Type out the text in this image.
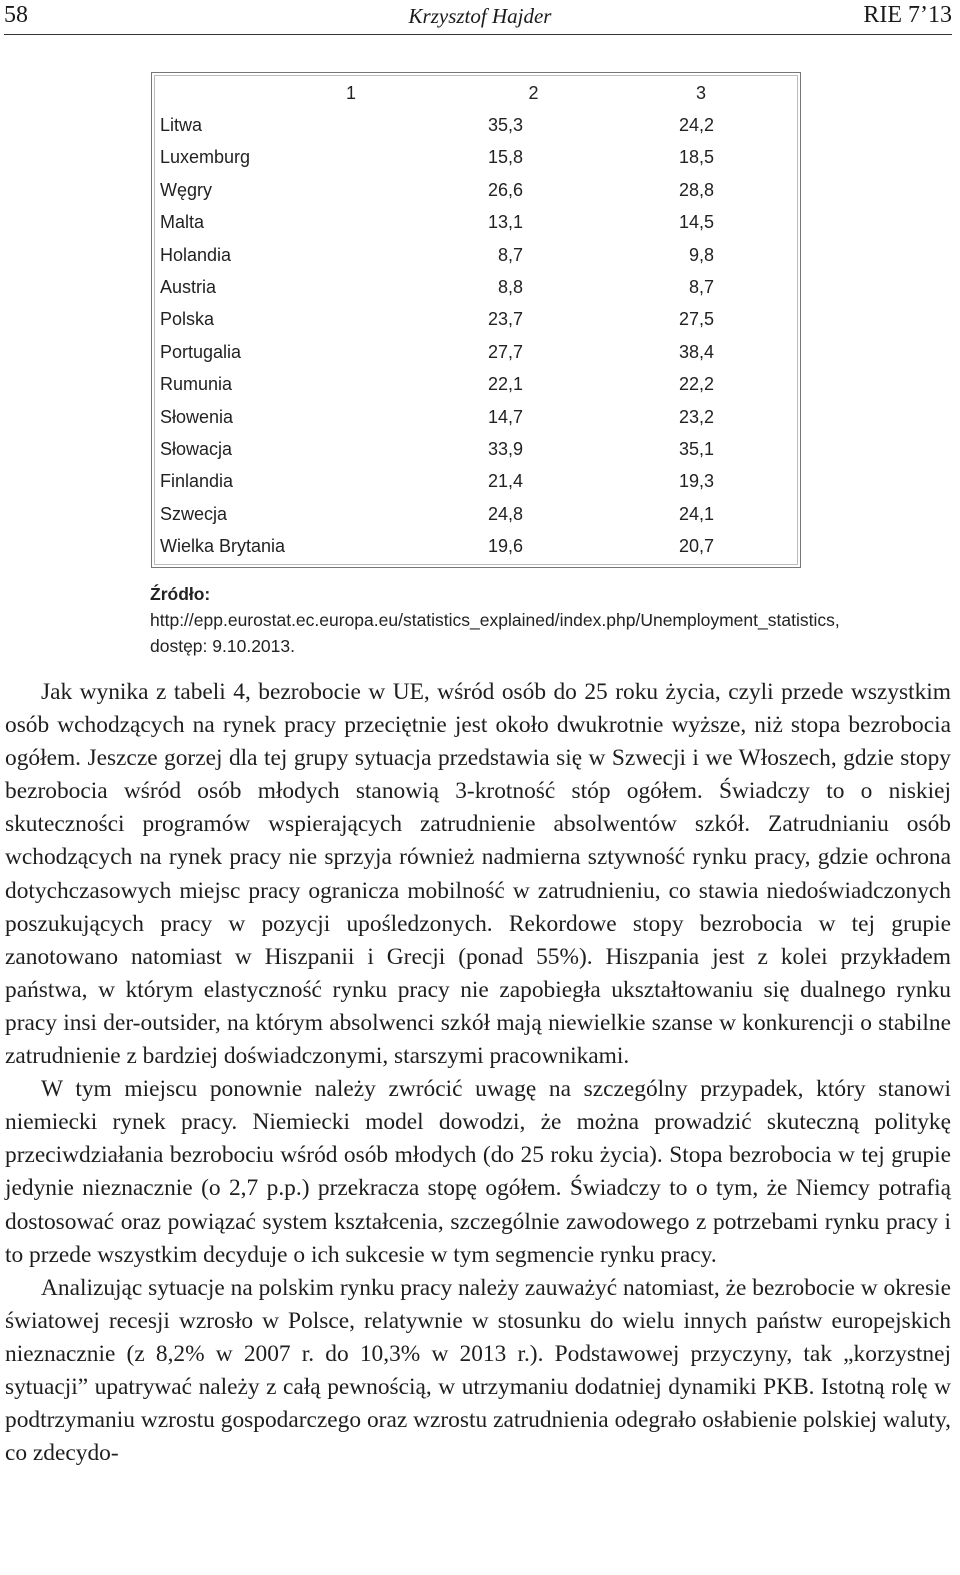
58	Krzysztof Hajder	RIE 7’13
1	2	3
Litwa	35,3	24,2
Luxemburg	15,8	18,5
Węgry	26,6	28,8
Malta	13,1	14,5
Holandia	8,7	9,8
Austria	8,8	8,7
Polska	23,7	27,5
Portugalia	27,7	38,4
Rumunia	22,1	22,2
Słowenia	14,7	23,2
Słowacja	33,9	35,1
Finlandia	21,4	19,3
Szwecja	24,8	24,1
Wielka Brytania	19,6	20,7
Źródło: http://epp.eurostat.ec.europa.eu/statistics_explained/index.php/Unemployment_statistics, dostęp: 9.10.2013.

Jak wynika z tabeli 4, bezrobocie w UE, wśród osób do 25 roku życia, czyli przede wszystkim osób wchodzących na rynek pracy przeciętnie jest około dwukrotnie wyższe, niż stopa bezrobocia ogółem. Jeszcze gorzej dla tej grupy sytuacja przedstawia się w Szwecji i we Włoszech, gdzie stopy bezrobocia wśród osób młodych stanowią 3-krotność stóp ogółem. Świadczy to o niskiej skuteczności programów wspierających zatrudnienie absolwentów szkół. Zatrudnianiu osób wchodzących na rynek pracy nie sprzyja również nadmierna sztywność rynku pracy, gdzie ochrona dotychczasowych miejsc pracy ogranicza mobilność w zatrudnieniu, co stawia niedoświadczonych poszukujących pracy w pozycji upośledzonych. Rekordowe stopy bezrobocia w tej grupie zanotowano natomiast w Hiszpanii i Grecji (ponad 55%). Hiszpania jest z kolei przykładem państwa, w którym elastyczność rynku pracy nie zapobiegła ukształtowaniu się dualnego rynku pracy insi der-outsider, na którym absolwenci szkół mają niewielkie szanse w konkurencji o stabilne zatrudnienie z bardziej doświadczonymi, starszymi pracownikami.

W tym miejscu ponownie należy zwrócić uwagę na szczególny przypadek, który stanowi niemiecki rynek pracy. Niemiecki model dowodzi, że można prowadzić skuteczną politykę przeciwdziałania bezrobociu wśród osób młodych (do 25 roku życia). Stopa bezrobocia w tej grupie jedynie nieznacznie (o 2,7 p.p.) przekracza stopę ogółem. Świadczy to o tym, że Niemcy potrafią dostosować oraz powiązać system kształcenia, szczególnie zawodowego z potrzebami rynku pracy i to przede wszystkim decyduje o ich sukcesie w tym segmencie rynku pracy.

Analizując sytuacje na polskim rynku pracy należy zauważyć natomiast, że bezrobocie w okresie światowej recesji wzrosło w Polsce, relatywnie w stosunku do wielu innych państw europejskich nieznacznie (z 8,2% w 2007 r. do 10,3% w 2013 r.). Podstawowej przyczyny, tak „korzystnej sytuacji” upatrywać należy z całą pewnością, w utrzymaniu dodatniej dynamiki PKB. Istotną rolę w podtrzymaniu wzrostu gospodarczego oraz wzrostu zatrudnienia odegrało osłabienie polskiej waluty, co zdecydo-
